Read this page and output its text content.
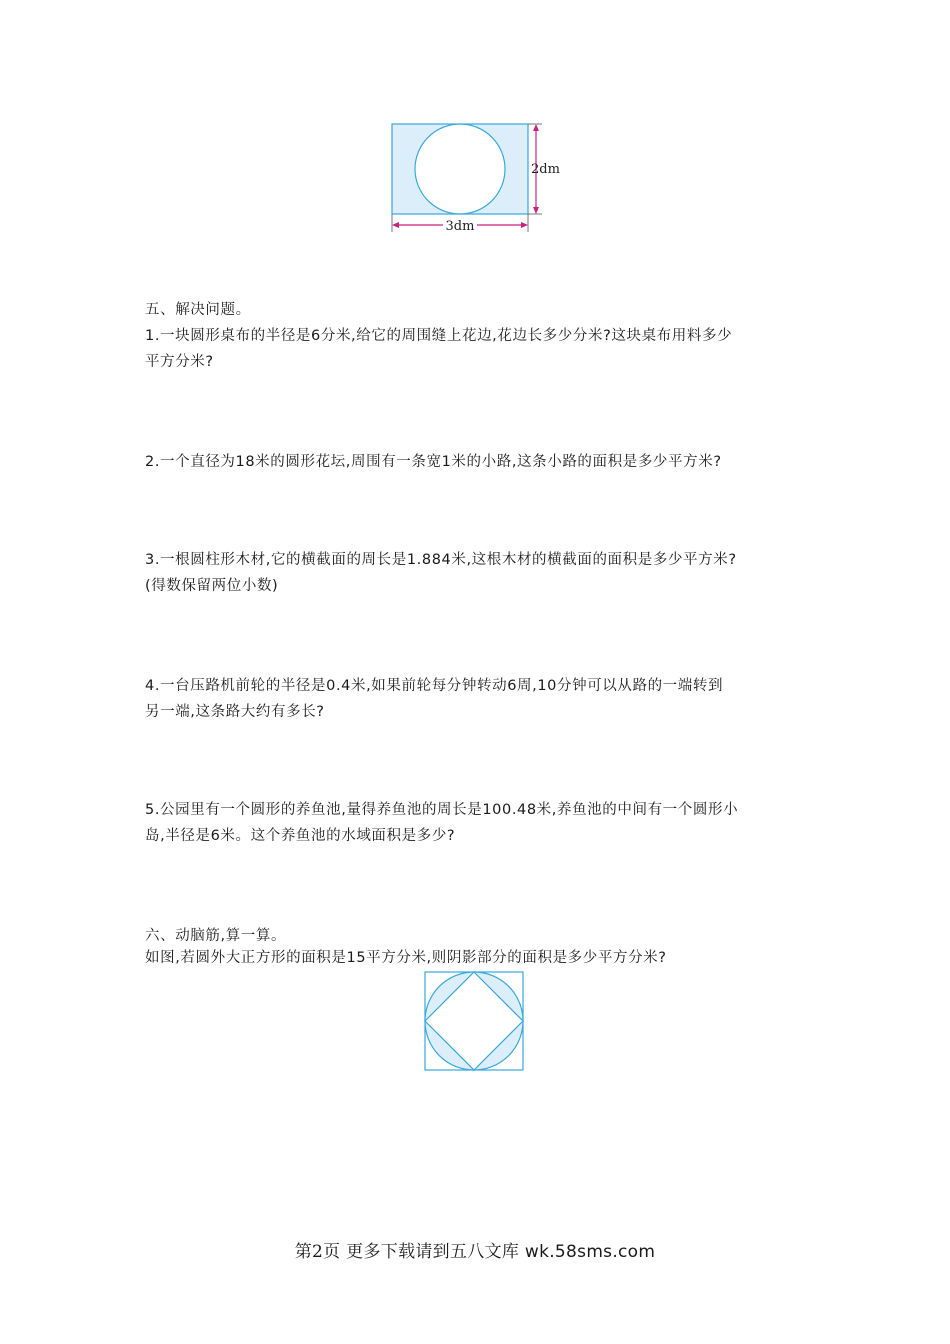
2dm
3dm
五、解决问题。
1.一块圆形桌布的半径是6分米,给它的周围缝上花边,花边长多少分米?这块桌布用料多少
平方分米?
2.一个直径为18米的圆形花坛,周围有一条宽1米的小路,这条小路的面积是多少平方米?
3.一根圆柱形木材,它的横截面的周长是1.884米,这根木材的横截面的面积是多少平方米?
(得数保留两位小数)
4.一台压路机前轮的半径是0.4米,如果前轮每分钟转动6周,10分钟可以从路的一端转到
另一端,这条路大约有多长?
5.公园里有一个圆形的养鱼池,量得养鱼池的周长是100.48米,养鱼池的中间有一个圆形小
岛,半径是6米。这个养鱼池的水域面积是多少?
六、动脑筋,算一算。
如图,若圆外大正方形的面积是15平方分米,则阴影部分的面积是多少平方分米?
第2页 更多下载请到五八文库 wk.58sms.com
